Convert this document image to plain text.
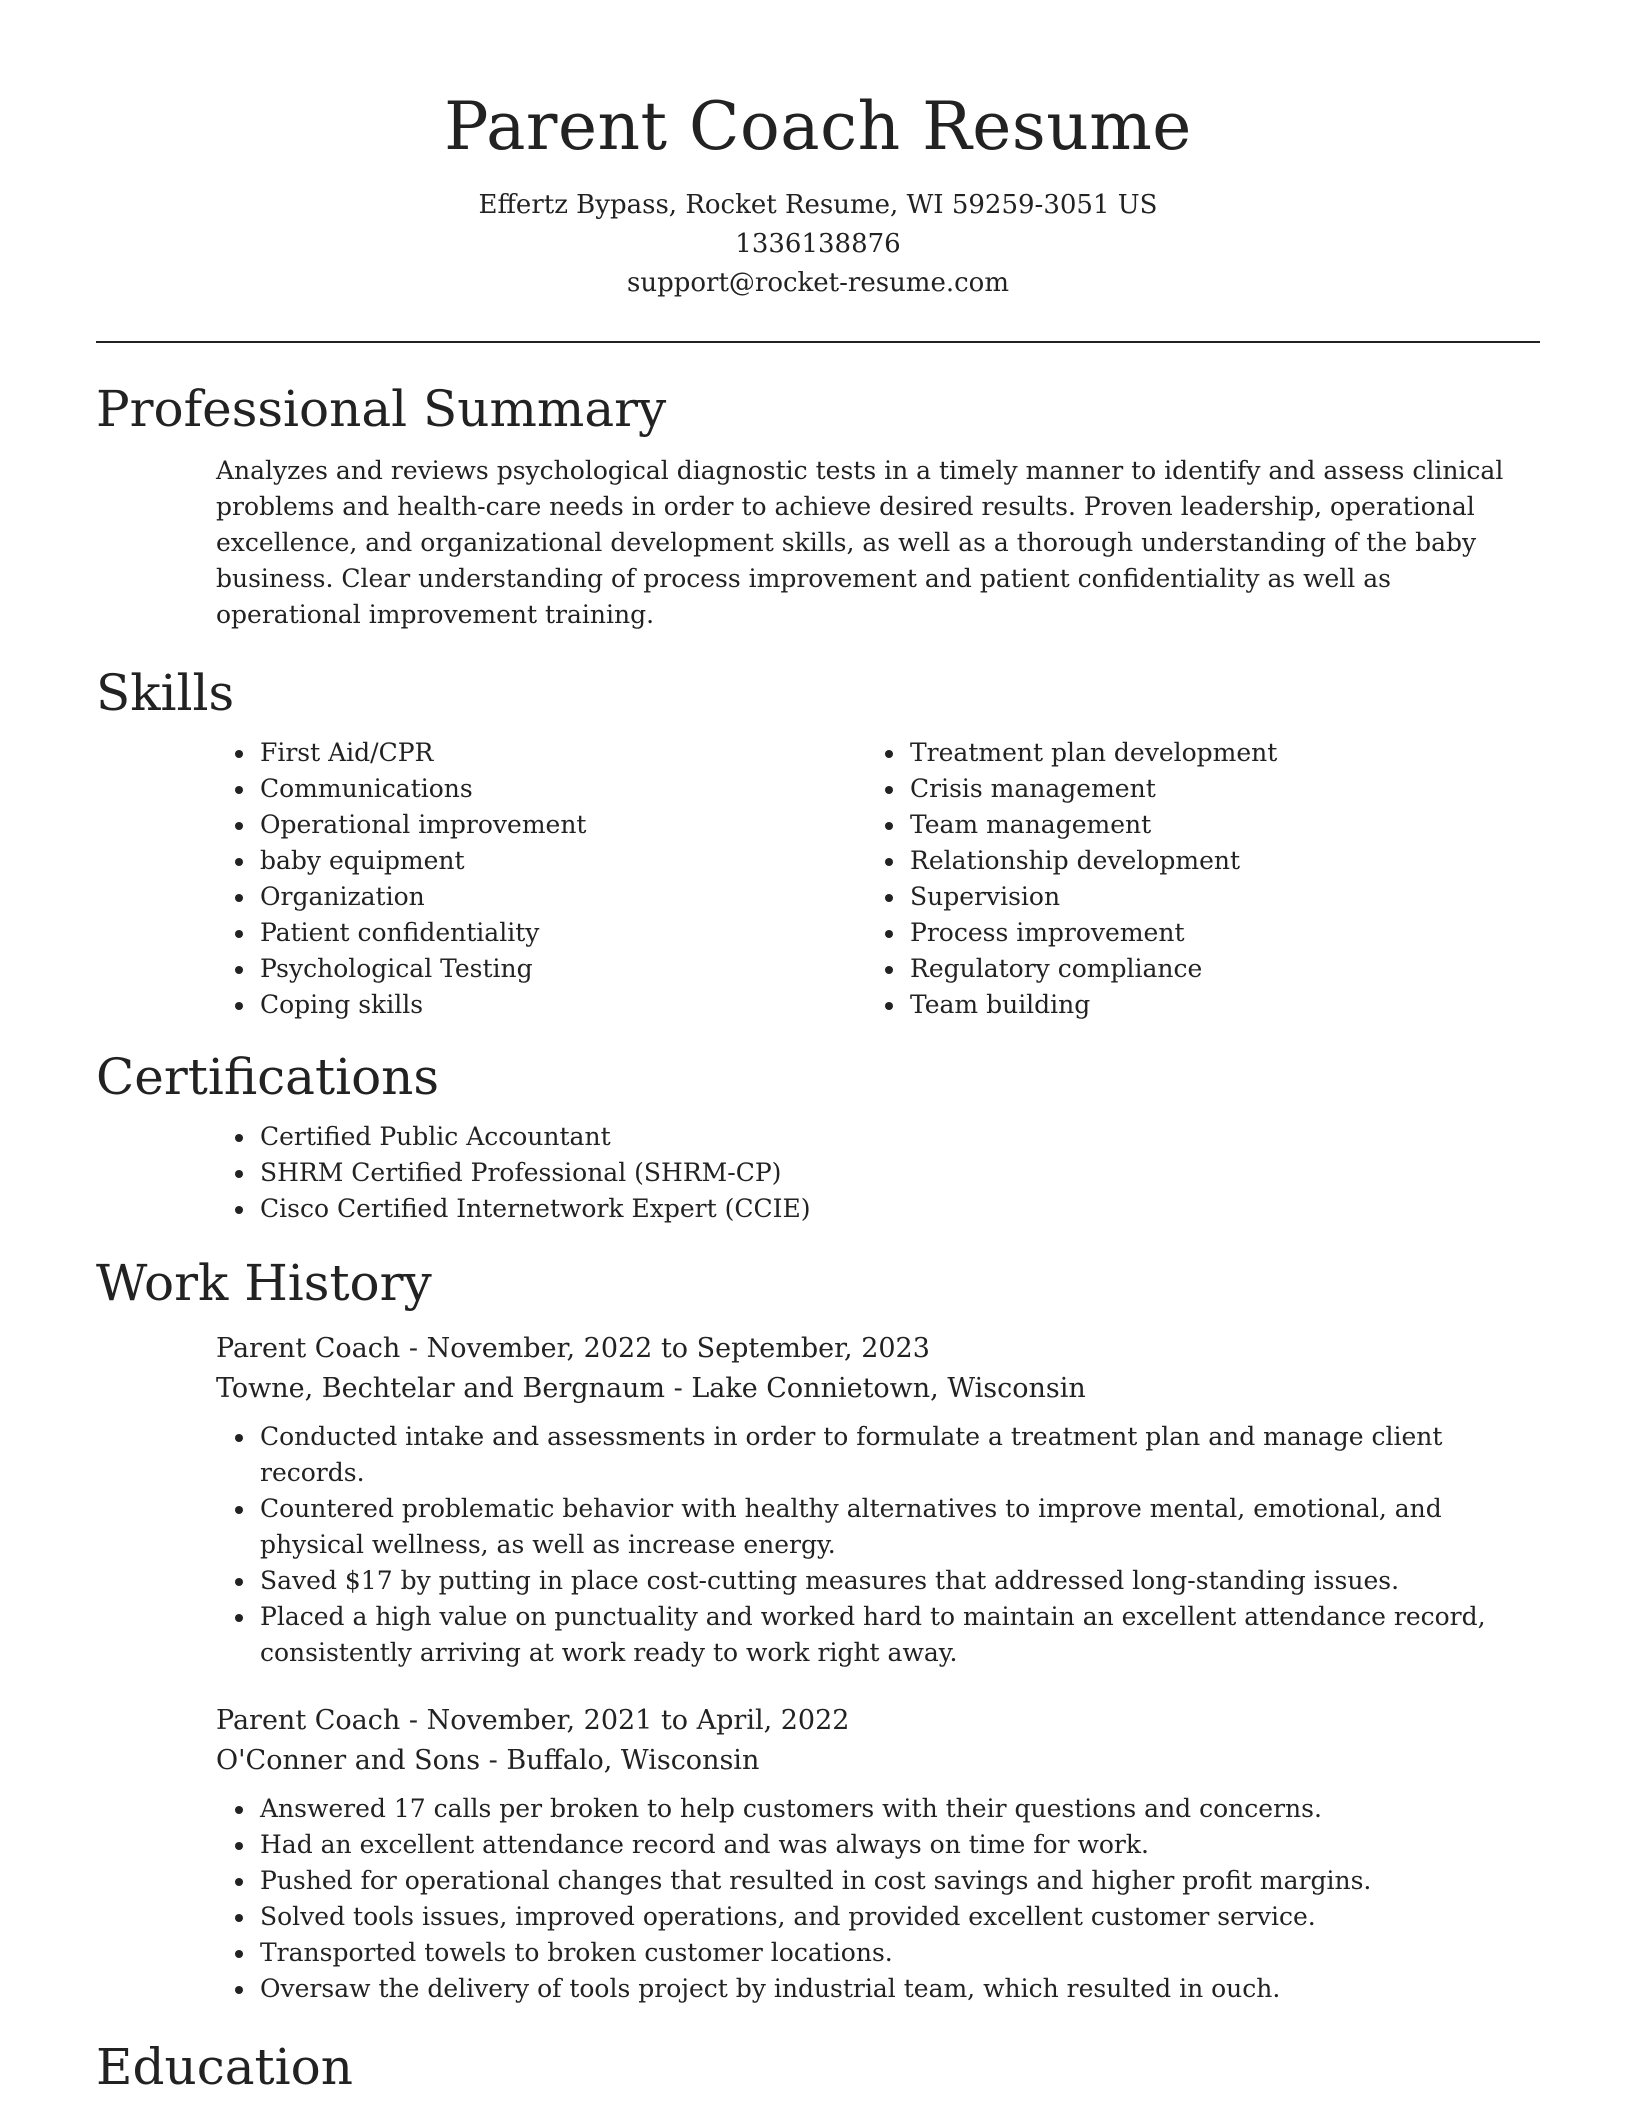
Parent Coach Resume

Effertz Bypass, Rocket Resume, WI 59259-3051 US

1336138876

support@rocket-resume.com

Professional Summary

Analyzes and reviews psychological diagnostic tests in a timely manner to identify and assess clinical problems and health-care needs in order to achieve desired results. Proven leadership, operational excellence, and organizational development skills, as well as a thorough understanding of the baby business. Clear understanding of process improvement and patient confidentiality as well as operational improvement training.

Skills
First Aid/CPR
Communications
Operational improvement
baby equipment
Organization
Patient confidentiality
Psychological Testing
Coping skills
Treatment plan development
Crisis management
Team management
Relationship development
Supervision
Process improvement
Regulatory compliance
Team building
Certifications
Certified Public Accountant
SHRM Certified Professional (SHRM-CP)
Cisco Certified Internetwork Expert (CCIE)
Work History

Parent Coach - November, 2022 to September, 2023

Towne, Bechtelar and Bergnaum - Lake Connietown, Wisconsin

Conducted intake and assessments in order to formulate a treatment plan and manage client records.
Countered problematic behavior with healthy alternatives to improve mental, emotional, and physical wellness, as well as increase energy.
Saved $17 by putting in place cost-cutting measures that addressed long-standing issues.
Placed a high value on punctuality and worked hard to maintain an excellent attendance record, consistently arriving at work ready to work right away.

Parent Coach - November, 2021 to April, 2022

O'Conner and Sons - Buffalo, Wisconsin

Answered 17 calls per broken to help customers with their questions and concerns.
Had an excellent attendance record and was always on time for work.
Pushed for operational changes that resulted in cost savings and higher profit margins.
Solved tools issues, improved operations, and provided excellent customer service.
Transported towels to broken customer locations.
Oversaw the delivery of tools project by industrial team, which resulted in ouch.
Education
